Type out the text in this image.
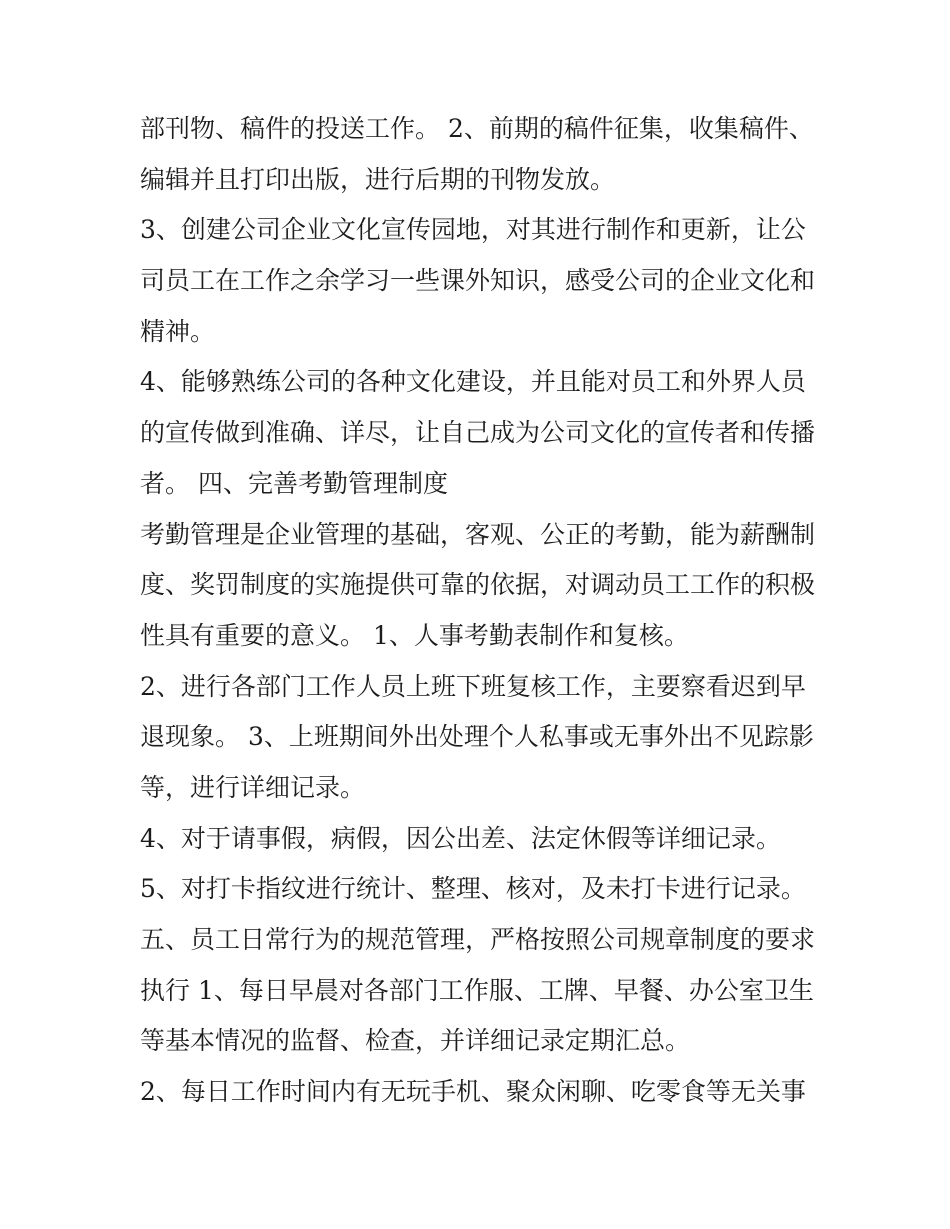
部刊物、稿件的投送工作。 2、前期的稿件征集，收集稿件、
编辑并且打印出版，进行后期的刊物发放。
3、创建公司企业文化宣传园地，对其进行制作和更新，让公
司员工在工作之余学习一些课外知识，感受公司的企业文化和
精神。
4、能够熟练公司的各种文化建设，并且能对员工和外界人员
的宣传做到准确、详尽，让自己成为公司文化的宣传者和传播
者。 四、完善考勤管理制度
考勤管理是企业管理的基础，客观、公正的考勤，能为薪酬制
度、奖罚制度的实施提供可靠的依据，对调动员工工作的积极
性具有重要的意义。 1、人事考勤表制作和复核。
2、进行各部门工作人员上班下班复核工作，主要察看迟到早
退现象。 3、上班期间外出处理个人私事或无事外出不见踪影
等，进行详细记录。
4、对于请事假，病假，因公出差、法定休假等详细记录。
5、对打卡指纹进行统计、整理、核对，及未打卡进行记录。
五、员工日常行为的规范管理，严格按照公司规章制度的要求
执行 1、每日早晨对各部门工作服、工牌、早餐、办公室卫生
等基本情况的监督、检查，并详细记录定期汇总。
2、每日工作时间内有无玩手机、聚众闲聊、吃零食等无关事
